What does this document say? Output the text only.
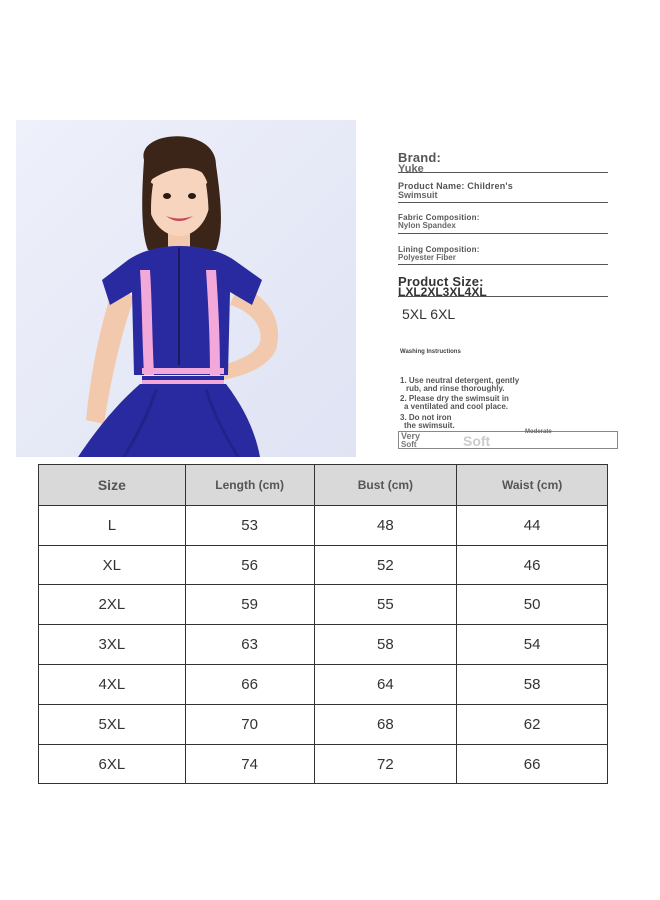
Brand:
Yuke
Product Name: Children's
Swimsuit
Fabric Composition:
Nylon Spandex
Lining Composition:
Polyester Fiber
Product Size:
LXL2XL3XL4XL
5XL 6XL
Washing Instructions
1. Use neutral detergent, gently
rub, and rinse thoroughly.
2. Please dry the swimsuit in
a ventilated and cool place.
3. Do not iron
the swimsuit.
Very
Soft	Soft
Moderate
Size	Length (cm)	Bust (cm)	Waist (cm)
L	53	48	44
XL	56	52	46
2XL	59	55	50
3XL	63	58	54
4XL	66	64	58
5XL	70	68	62
6XL	74	72	66
